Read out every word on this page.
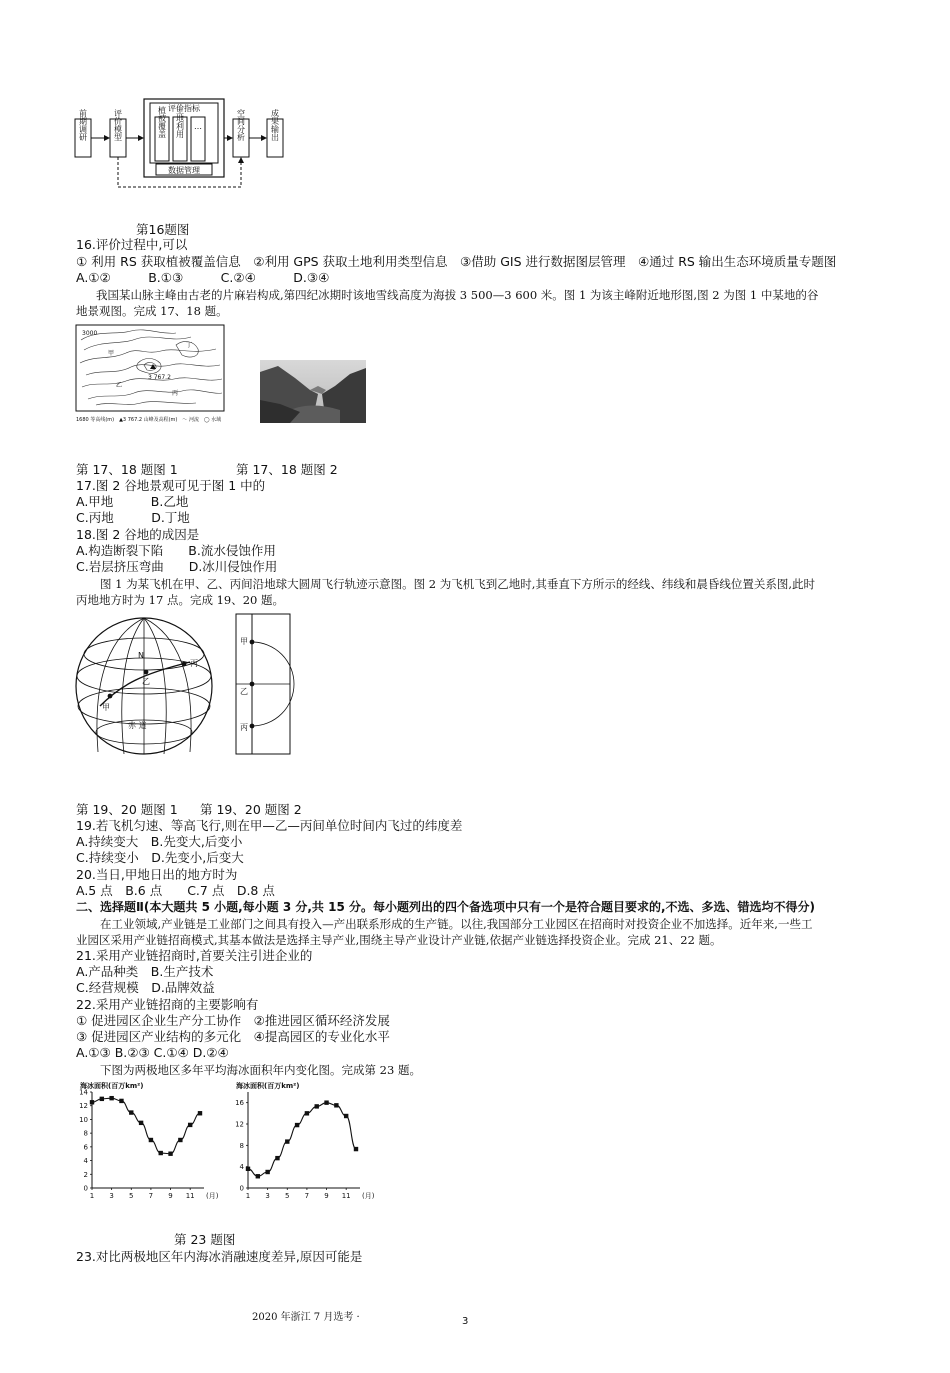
前期调研	评价模型
评价指标
植被覆盖 土地利用 …
数据管理
空间分析	成果输出
第16题图
16.评价过程中,可以
① 利用 RS 获取植被覆盖信息　②利用 GPS 获取土地利用类型信息　③借助 GIS 进行数据图层管理　④通过 RS 输出生态环境质量专题图
A.①②　　　B.①③　　　C.②④　　　D.③④
我国某山脉主峰由古老的片麻岩构成,第四纪冰期时该地雪线高度为海拔 3 500—3 600 米。图 1 为该主峰附近地形图,图 2 为图 1 中某地的谷
地景观图。完成 17、18 题。
3000
甲
丁
乙
丙
3 767.2
1680 等高线(m)　▲3 767.2 山峰及高程(m)　～ 河流　◯ 水域
第 17、18 题图 1	第 17、18 题图 2
17.图 2 谷地景观可见于图 1 中的
A.甲地　　　B.乙地
C.丙地　　　D.丁地
18.图 2 谷地的成因是
A.构造断裂下陷　　B.流水侵蚀作用
C.岩层挤压弯曲　　D.冰川侵蚀作用
图 1 为某飞机在甲、乙、丙间沿地球大圆周飞行轨迹示意图。图 2 为飞机飞到乙地时,其垂直下方所示的经线、纬线和晨昏线位置关系图,此时
丙地地方时为 17 点。完成 19、20 题。
N
乙
丙
甲
赤 道
甲
乙
丙
第 19、20 题图 1 第 19、20 题图 2
19.若飞机匀速、等高飞行,则在甲—乙—丙间单位时间内飞过的纬度差
A.持续变大　B.先变大,后变小
C.持续变小　D.先变小,后变大
20.当日,甲地日出的地方时为
A.5 点　B.6 点　　C.7 点　D.8 点
二、选择题Ⅱ(本大题共 5 小题,每小题 3 分,共 15 分。每小题列出的四个备选项中只有一个是符合题目要求的,不选、多选、错选均不得分)
在工业领域,产业链是工业部门之间具有投入—产出联系形成的生产链。以往,我国部分工业园区在招商时对投资企业不加选择。近年来,一些工
业园区采用产业链招商模式,其基本做法是选择主导产业,围绕主导产业设计产业链,依据产业链选择投资企业。完成 21、22 题。
21.采用产业链招商时,首要关注引进企业的
A.产品种类　B.生产技术
C.经营规模　D.品牌效益
22.采用产业链招商的主要影响有
① 促进园区企业生产分工协作　②推进园区循环经济发展
③ 促进园区产业结构的多元化　④提高园区的专业化水平
A.①③ B.②③ C.①④ D.②④
下图为两极地区多年平均海冰面积年内变化图。完成第 23 题。
海冰面积(百万km²)
0
2
4
6
8
10
12
14
1 3 5 7 9 11 (月)
海冰面积(百万km²)
0
4
8
12
16
1 3 5 7 9 11 (月)
第 23 题图
23.对比两极地区年内海冰消融速度差异,原因可能是
2020 年浙江 7 月选考 ·	3
